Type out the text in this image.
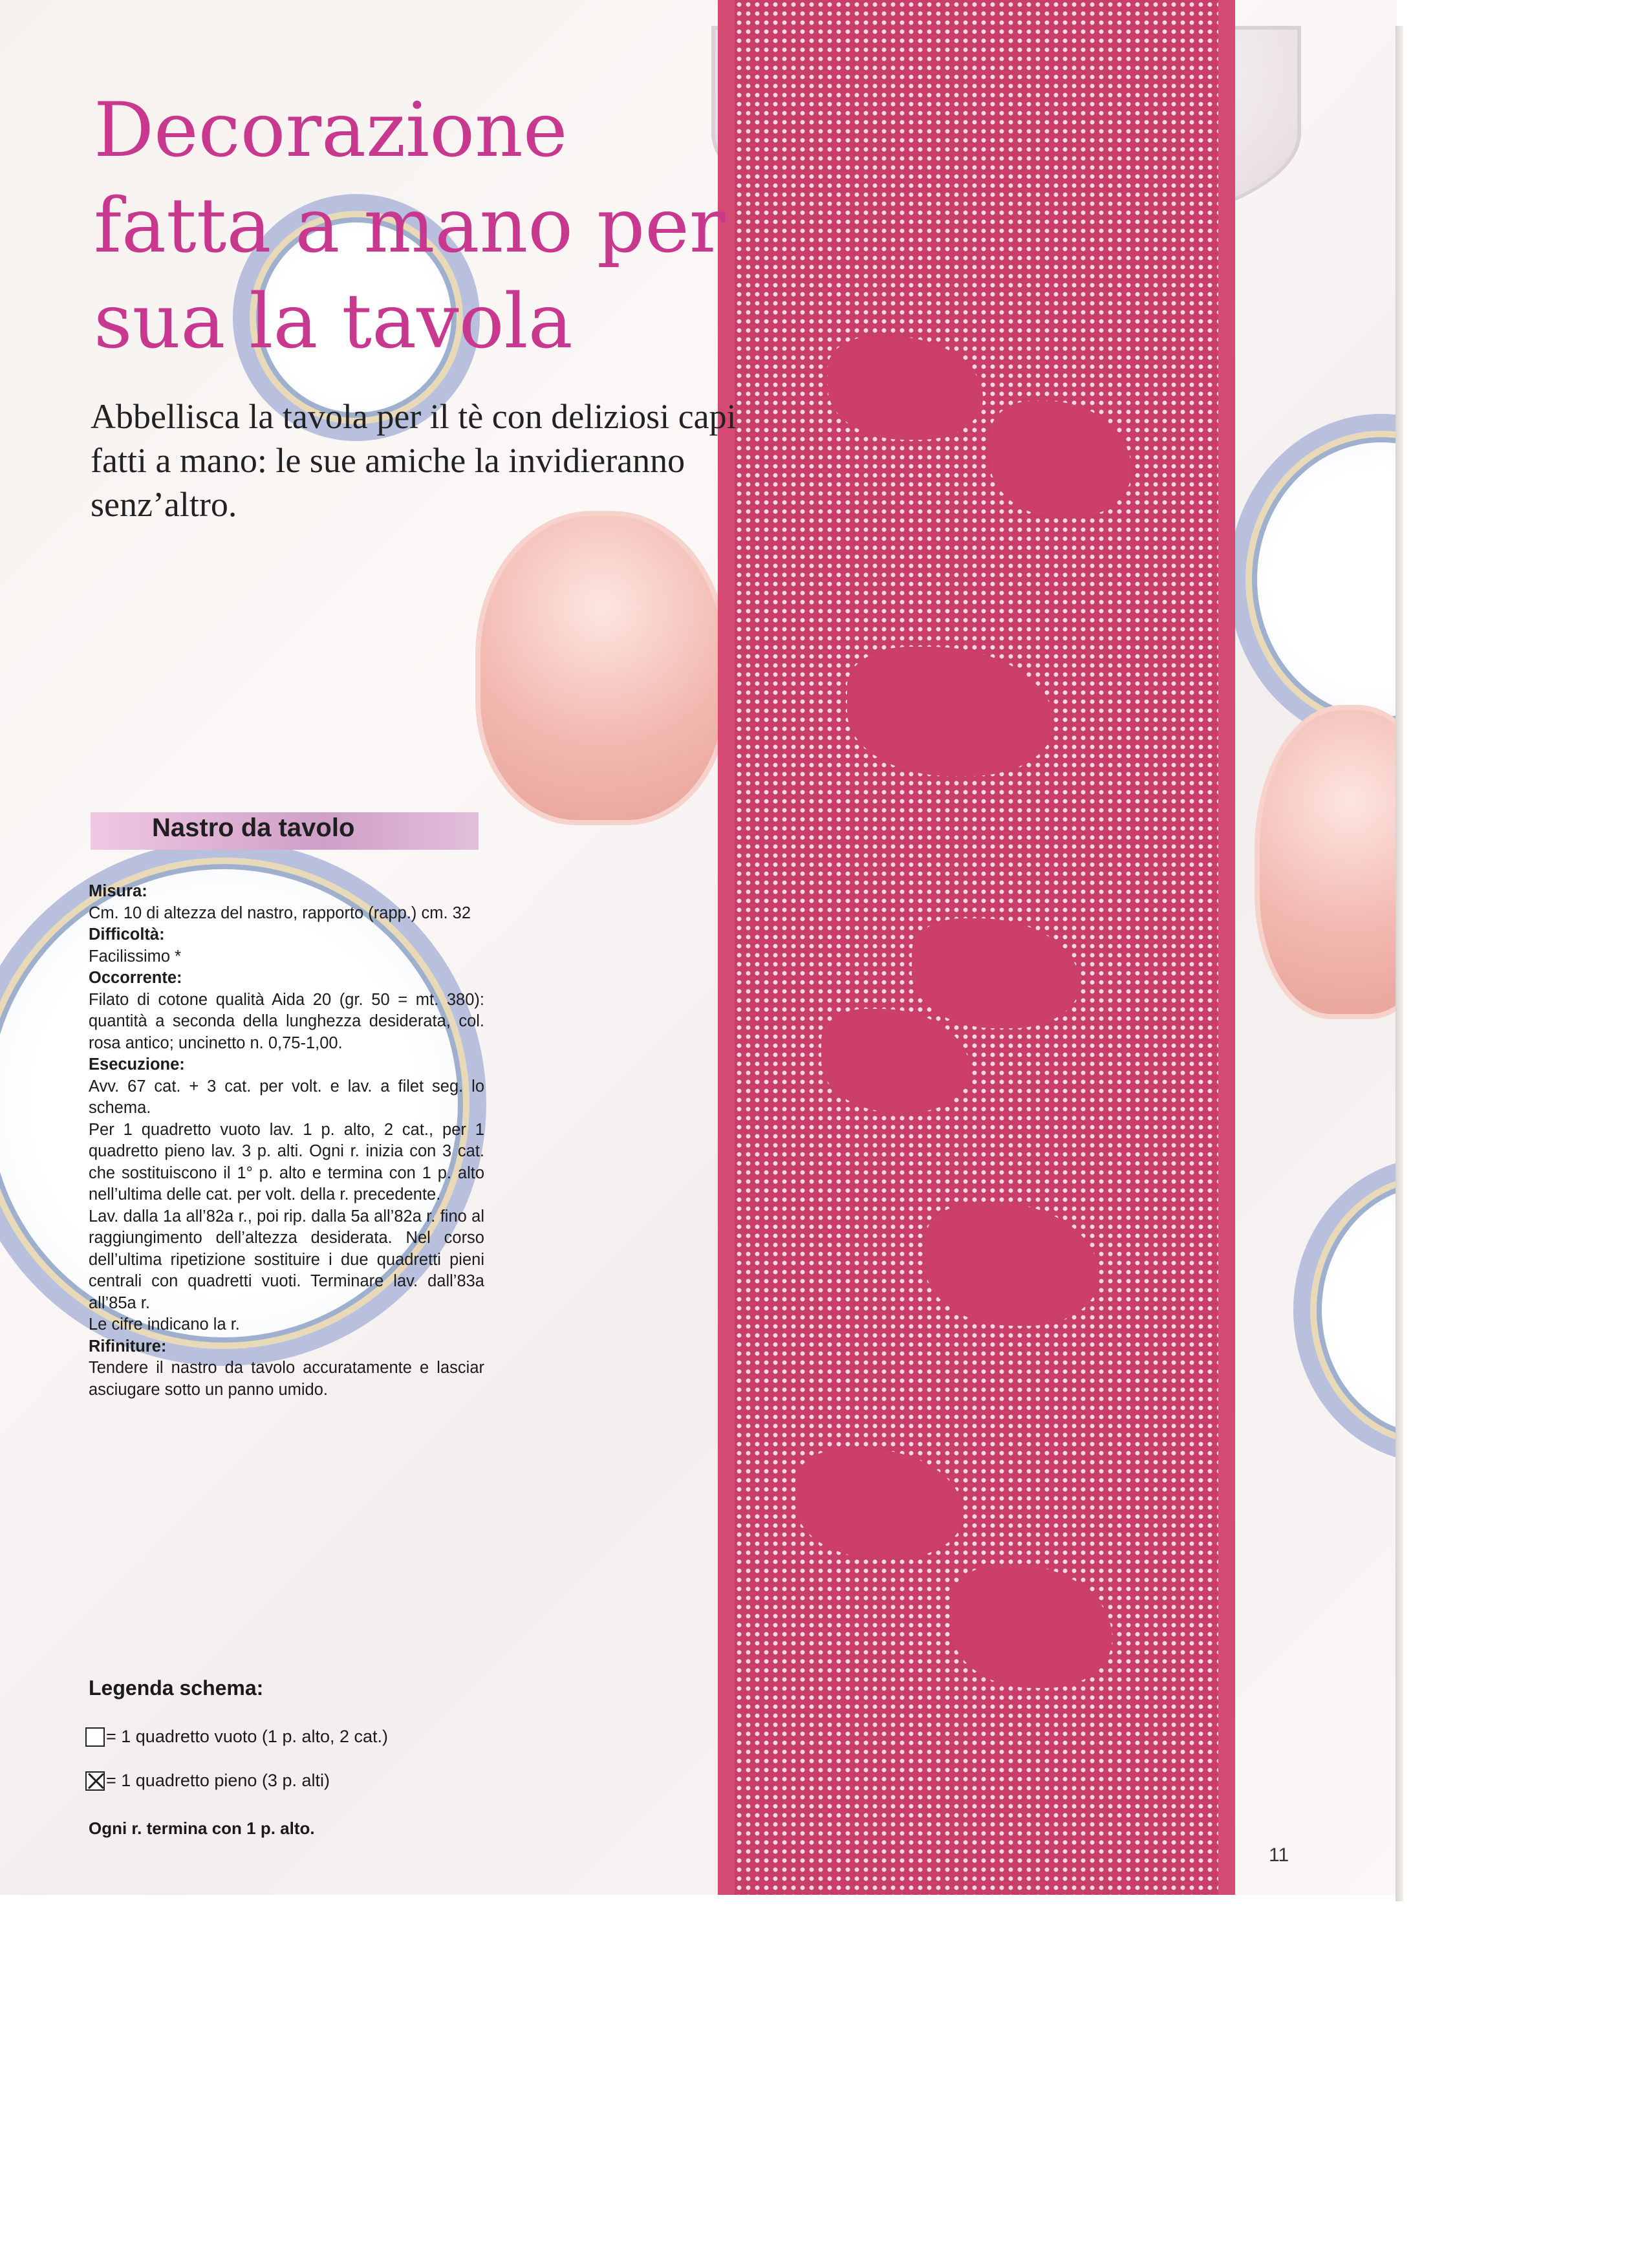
Decorazione fatta a mano per sua la tavola

Abbellisca la tavola per il tè con deliziosi capi fatti a mano: le sue amiche la invidieranno senz’altro.

Nastro da tavolo
Misura:
Cm. 10 di altezza del nastro, rapporto (rapp.) cm. 32
Difficoltà:
Facilissimo *
Occorrente:
Filato di cotone qualità Aida 20 (gr. 50 = mt. 380): quantità a seconda della lunghezza desiderata, col. rosa antico; uncinetto n. 0,75-1,00.
Esecuzione:
Avv. 67 cat. + 3 cat. per volt. e lav. a filet seg. lo schema.
Per 1 quadretto vuoto lav. 1 p. alto, 2 cat., per 1 quadretto pieno lav. 3 p. alti. Ogni r. inizia con 3 cat. che sostituiscono il 1° p. alto e termina con 1 p. alto nell’ultima delle cat. per volt. della r. precedente.
Lav. dalla 1a all’82a r., poi rip. dalla 5a all’82a r. fino al raggiungimento dell’altezza desiderata. Nel corso dell’ultima ripetizione sostituire i due quadretti pieni centrali con quadretti vuoti. Terminare lav. dall’83a all’85a r.
Le cifre indicano la r.
Rifiniture:
Tendere il nastro da tavolo accuratamente e lasciar asciugare sotto un panno umido.
Legenda schema:
= 1 quadretto vuoto (1 p. alto, 2 cat.)
= 1 quadretto pieno (3 p. alti)
Ogni r. termina con 1 p. alto.
11
